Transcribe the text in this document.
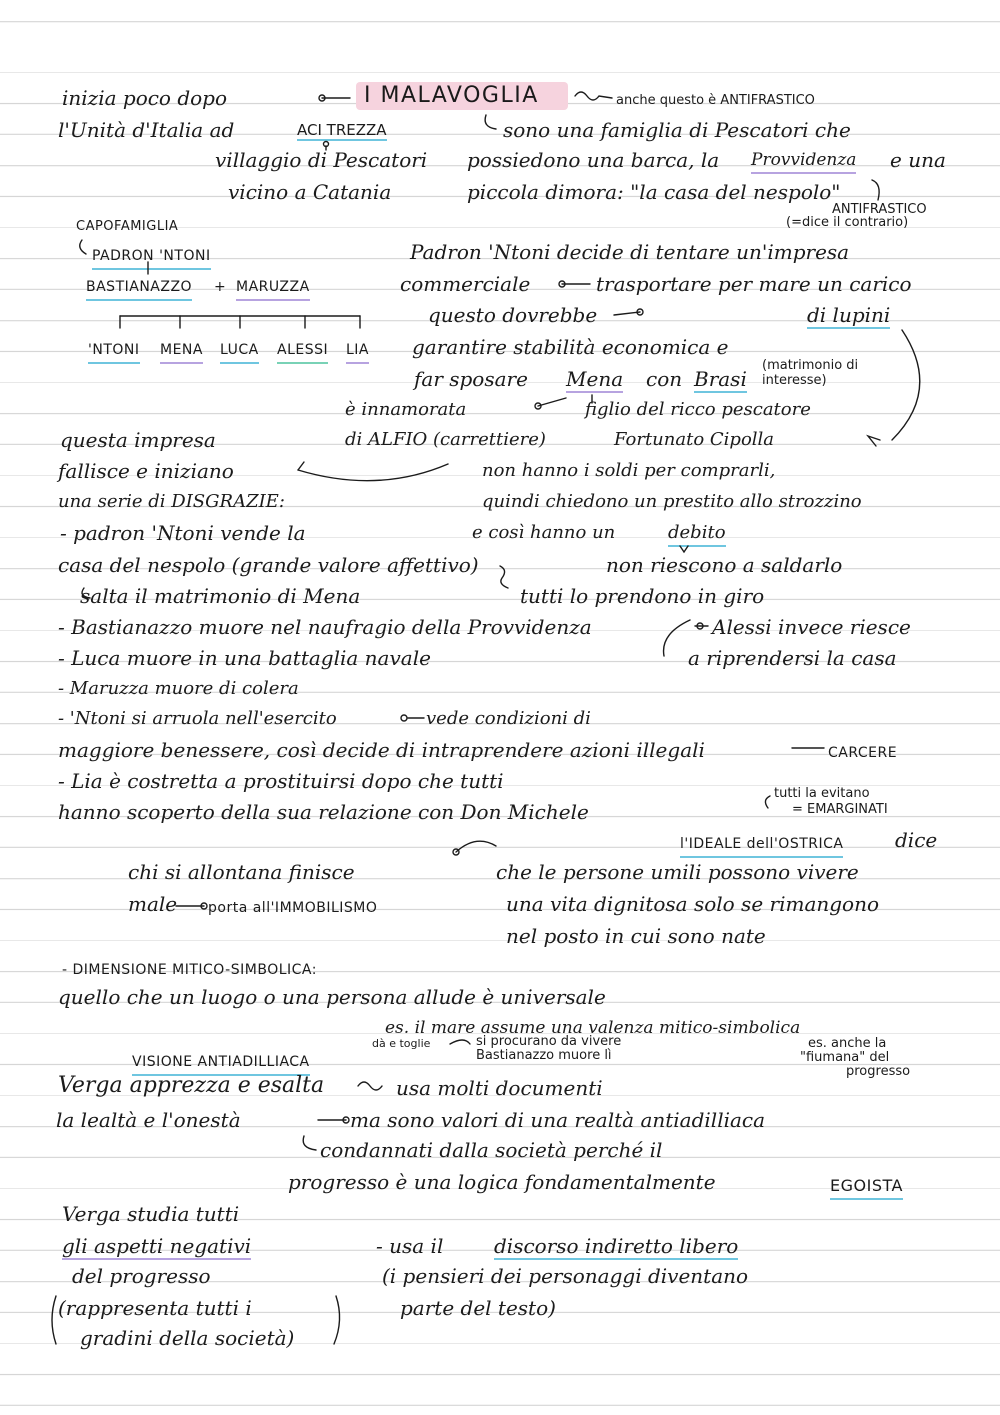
I MALAVOGLIA
inizia poco dopo	anche questo è ANTIFRASTICO
l'Unità d'Italia ad	ACI TREZZA	sono una famiglia di Pescatori che
villaggio di Pescatori possiedono una barca, la Provvidenza e una
vicino a Catania	piccola dimora: "la casa del nespolo"
ANTIFRASTICO
(=dice il contrario)
CAPOFAMIGLIA
PADRON 'NTONI
BASTIANAZZO + MARUZZA
'NTONI MENA LUCA ALESSI LIA
Padron 'Ntoni decide di tentare un'impresa
commerciale	trasportare per mare un carico
questo dovrebbe	di lupini
garantire stabilità economica e
far sposare Mena con Brasi
(matrimonio di interesse)
è innamorata	figlio del ricco pescatore
di ALFIO (carrettiere)	Fortunato Cipolla
questa impresa
fallisce e iniziano
una serie di DISGRAZIE:
non hanno i soldi per comprarli,
quindi chiedono un prestito allo strozzino
e così hanno un	debito
- padron 'Ntoni vende la
casa del nespolo (grande valore affettivo)	non riescono a saldarlo
salta il matrimonio di Mena	tutti lo prendono in giro
- Bastianazzo muore nel naufragio della Provvidenza	Alessi invece riesce
- Luca muore in una battaglia navale	a riprendersi la casa
- Maruzza muore di colera
- 'Ntoni si arruola nell'esercito	vede condizioni di
maggiore benessere, così decide di intraprendere azioni illegali	CARCERE
- Lia è costretta a prostituirsi dopo che tutti
hanno scoperto della sua relazione con Don Michele
tutti la evitano
= EMARGINATI
l'IDEALE dell'OSTRICA	dice
che le persone umili possono vivere
una vita dignitosa solo se rimangono
nel posto in cui sono nate
chi si allontana finisce
male porta all'IMMOBILISMO
- DIMENSIONE MITICO-SIMBOLICA:
quello che un luogo o una persona allude è universale
es. il mare assume una valenza mitico-simbolica
dà e toglie	si procurano da vivere
Bastianazzo muore lì
es. anche la
"fiumana" del
progresso
VISIONE ANTIADILLIACA
Verga apprezza e esalta	usa molti documenti
la lealtà e l'onestà	ma sono valori di una realtà antiadilliaca
condannati dalla società perché il
progresso è una logica fondamentalmente	EGOISTA
Verga studia tutti
gli aspetti negativi
del progresso
(rappresenta tutti i
gradini della società)
- usa il	discorso indiretto libero
(i pensieri dei personaggi diventano
parte del testo)
